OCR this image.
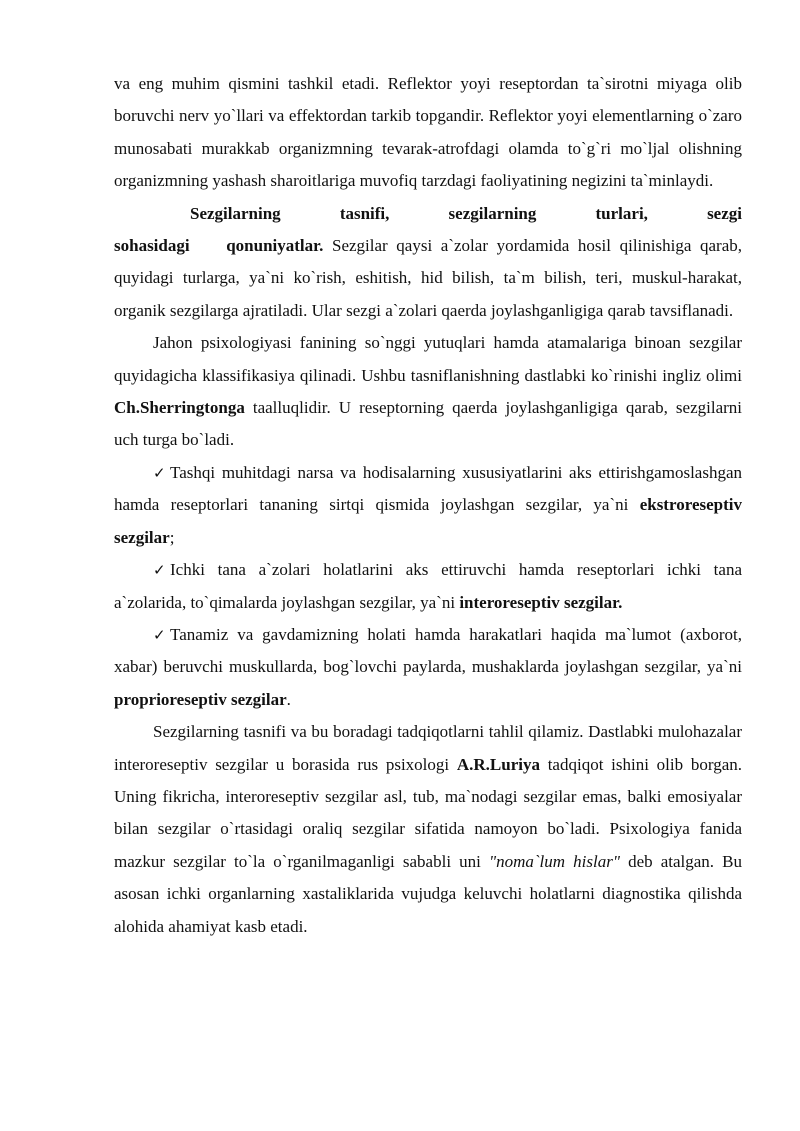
va eng muhim qismini tashkil etadi. Reflektor yoyi reseptordan ta`sirotni miyaga olib boruvchi nerv yo`llari va effektordan tarkib topgandir. Reflektor yoyi elementlarning o`zaro munosabati murakkab organizmning tevarak-atrofdagi olamda to`g`ri mo`ljal olishning organizmning yashash sharoitlariga muvofiq tarzdagi faoliyatining negizini ta`minlaydi.

Sezgilarning tasnifi, sezgilarning turlari, sezgi sohasidagi qonuniyatlar. Sezgilar qaysi a`zolar yordamida hosil qilinishiga qarab, quyidagi turlarga, ya`ni ko`rish, eshitish, hid bilish, ta`m bilish, teri, muskul-harakat, organik sezgilarga ajratiladi. Ular sezgi a`zolari qaerda joylashganligiga qarab tavsiflanadi.

Jahon psixologiyasi fanining so`nggi yutuqlari hamda atamalariga binoan sezgilar quyidagicha klassifikasiya qilinadi. Ushbu tasniflanishning dastlabki ko`rinishi ingliz olimi Ch.Sherringtonga taalluqlidir. U reseptorning qaerda joylashganligiga qarab, sezgilarni uch turga bo`ladi.

✓ Tashqi muhitdagi narsa va hodisalarning xususiyatlarini aks ettirishgamoslashgan hamda reseptorlari tananing sirtqi qismida joylashgan sezgilar, ya`ni ekstroreseptiv sezgilar;

✓ Ichki tana a`zolari holatlarini aks ettiruvchi hamda reseptorlari ichki tana a`zolarida, to`qimalarda joylashgan sezgilar, ya`ni interoreseptiv sezgilar.

✓ Tanamiz va gavdamizning holati hamda harakatlari haqida ma`lumot (axborot, xabar) beruvchi muskullarda, bog`lovchi paylarda, mushaklarda joylashgan sezgilar, ya`ni proprioreseptiv sezgilar.

Sezgilarning tasnifi va bu boradagi tadqiqotlarni tahlil qilamiz. Dastlabki mulohazalar interoreseptiv sezgilar u borasida rus psixologi A.R.Luriya tadqiqot ishini olib borgan. Uning fikricha, interoreseptiv sezgilar asl, tub, ma`nodagi sezgilar emas, balki emosiyalar bilan sezgilar o`rtasidagi oraliq sezgilar sifatida namoyon bo`ladi. Psixologiya fanida mazkur sezgilar to`la o`rganilmaganligi sababli uni "noma`lum hislar" deb atalgan. Bu asosan ichki organlarning xastaliklarida vujudga keluvchi holatlarni diagnostika qilishda alohida ahamiyat kasb etadi.
